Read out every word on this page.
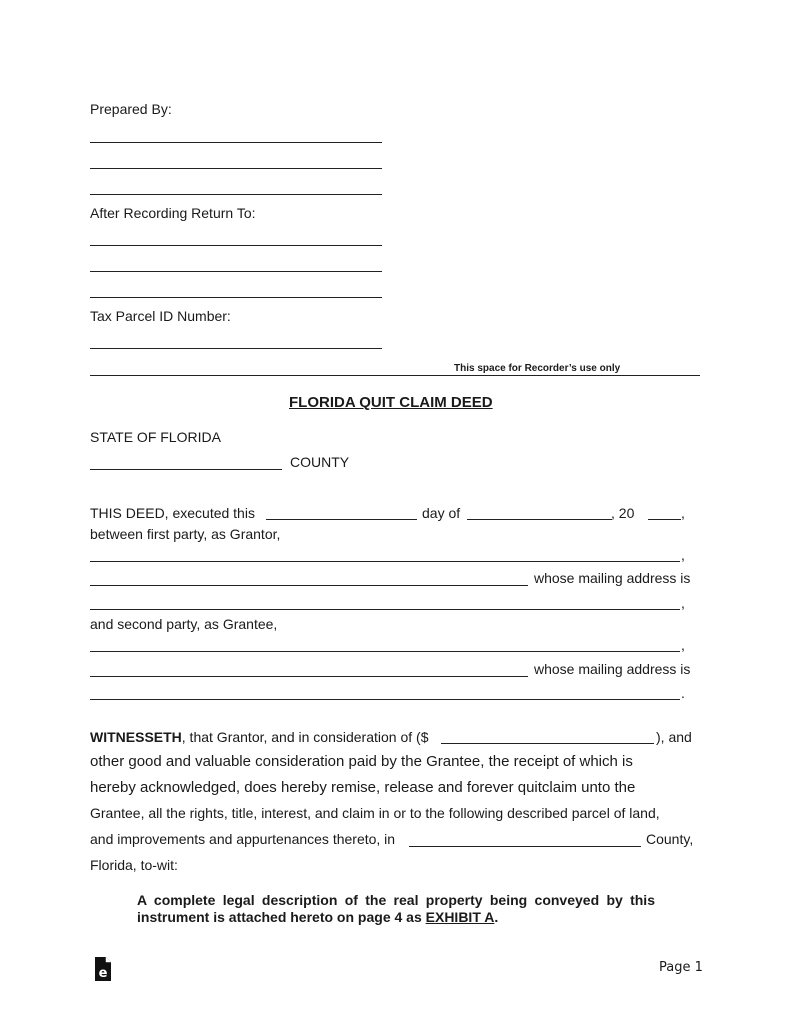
Prepared By:
After Recording Return To:
Tax Parcel ID Number:
This space for Recorder’s use only
FLORIDA QUIT CLAIM DEED
STATE OF FLORIDA
COUNTY
THIS DEED, executed this	day of	, 20	,
between first party, as Grantor,
,
whose mailing address is
,
and second party, as Grantee,
,
whose mailing address is
.
WITNESSETH, that Grantor, and in consideration of ($	), and
other good and valuable consideration paid by the Grantee, the receipt of which is
hereby acknowledged, does hereby remise, release and forever quitclaim unto the
Grantee, all the rights, title, interest, and claim in or to the following described parcel of land,
and improvements and appurtenances thereto, in	County,
Florida, to-wit:
A complete legal description of the real property being conveyed by this instrument is attached hereto on page 4 as EXHIBIT A.
e	Page 1
